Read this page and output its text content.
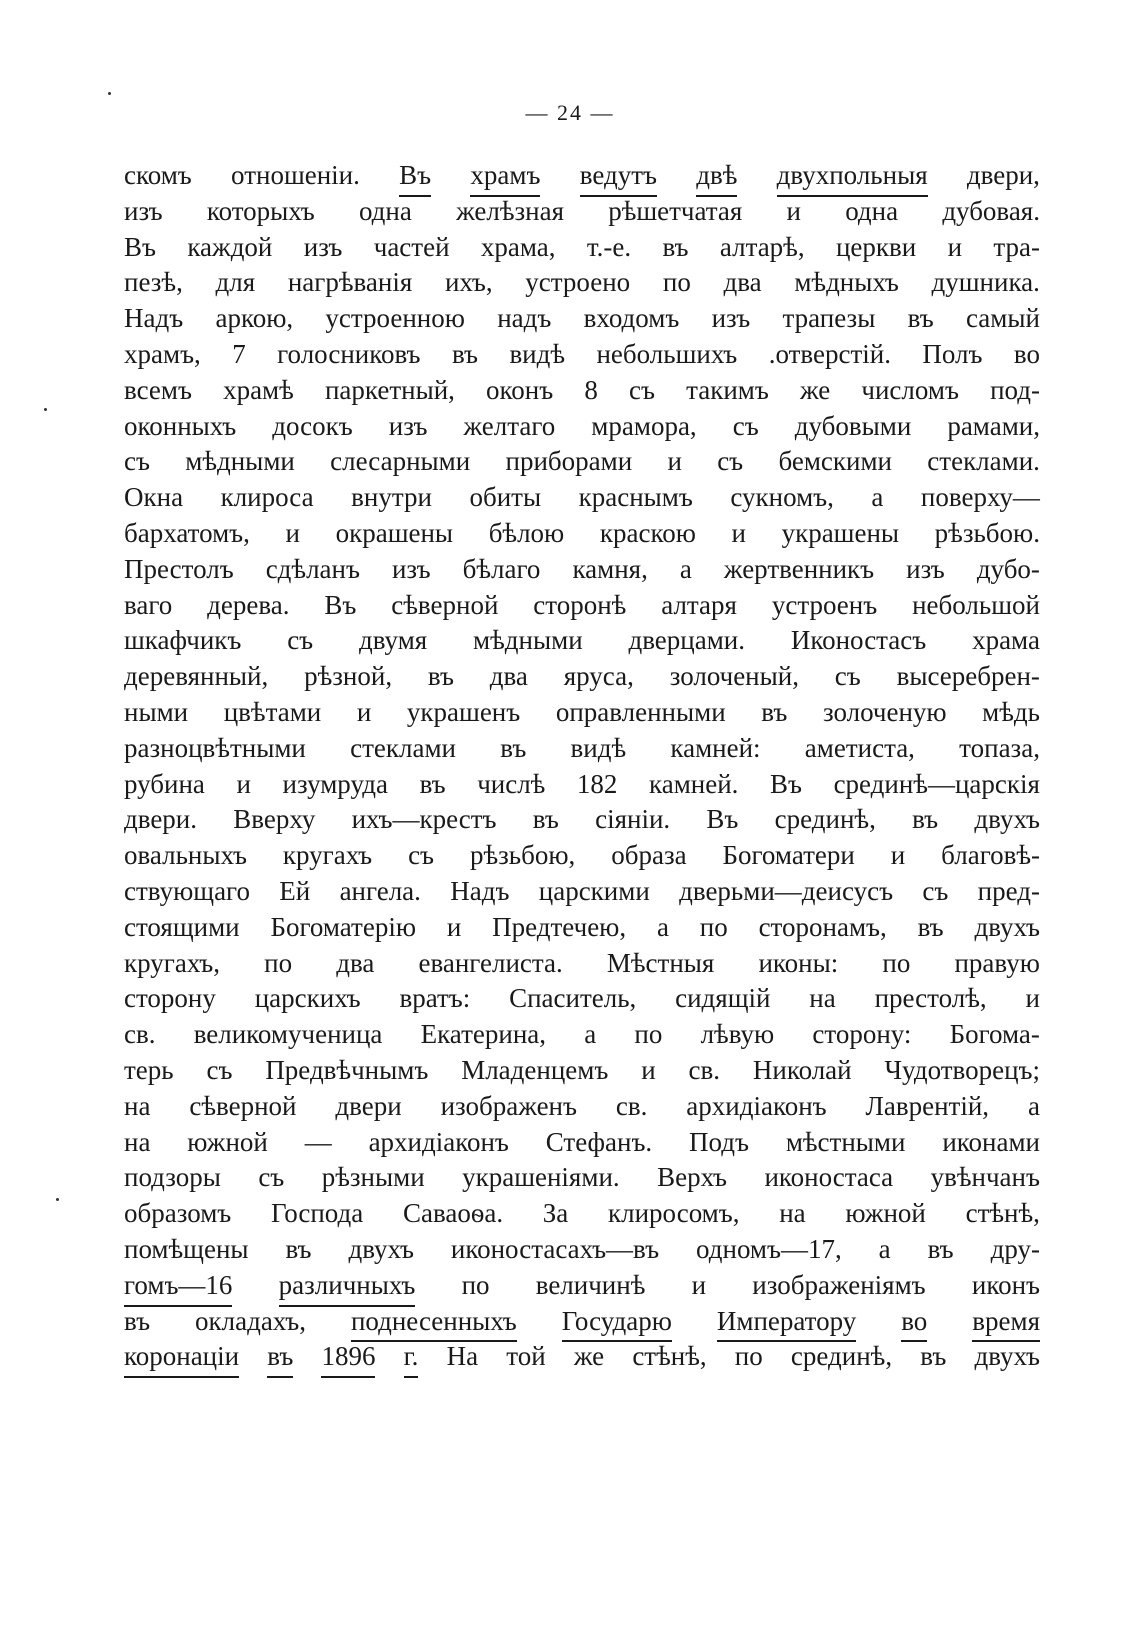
— 24 —
скомъ отношеніи. Въ храмъ ведутъ двѣ двухпольныя двери,
изъ которыхъ одна желѣзная рѣшетчатая и одна дубовая.
Въ каждой изъ частей храма, т.-е. въ алтарѣ, церкви и тра-
пезѣ, для нагрѣванія ихъ, устроено по два мѣдныхъ душника.
Надъ аркою, устроенною надъ входомъ изъ трапезы въ самый
храмъ, 7 голосниковъ въ видѣ небольшихъ .отверстій. Полъ во
всемъ храмѣ паркетный, оконъ 8 съ такимъ же числомъ под-
оконныхъ досокъ изъ желтаго мрамора, съ дубовыми рамами,
съ мѣдными слесарными приборами и съ бемскими стеклами.
Окна клироса внутри обиты краснымъ сукномъ, а поверху—
бархатомъ, и окрашены бѣлою краскою и украшены рѣзьбою.
Престолъ сдѣланъ изъ бѣлаго камня, а жертвенникъ изъ дубо-
ваго дерева. Въ сѣверной сторонѣ алтаря устроенъ небольшой
шкафчикъ съ двумя мѣдными дверцами. Иконостасъ храма
деревянный, рѣзной, въ два яруса, золоченый, съ высеребрен-
ными цвѣтами и украшенъ оправленными въ золоченую мѣдь
разноцвѣтными стеклами въ видѣ камней: аметиста, топаза,
рубина и изумруда въ числѣ 182 камней. Въ срединѣ—царскія
двери. Вверху ихъ—крестъ въ сіяніи. Въ срединѣ, въ двухъ
овальныхъ кругахъ съ рѣзьбою, образа Богоматери и благовѣ-
ствующаго Ей ангела. Надъ царскими дверьми—деисусъ съ пред-
стоящими Богоматерію и Предтечею, а по сторонамъ, въ двухъ
кругахъ, по два евангелиста. Мѣстныя иконы: по правую
сторону царскихъ вратъ: Спаситель, сидящій на престолѣ, и
св. великомученица Екатерина, а по лѣвую сторону: Богома-
терь съ Предвѣчнымъ Младенцемъ и св. Николай Чудотворецъ;
на сѣверной двери изображенъ св. архидіаконъ Лаврентій, а
на южной — архидіаконъ Стефанъ. Подъ мѣстными иконами
подзоры съ рѣзными украшеніями. Верхъ иконостаса увѣнчанъ
образомъ Господа Саваоѳа. За клиросомъ, на южной стѣнѣ,
помѣщены въ двухъ иконостасахъ—въ одномъ—17, а въ дру-
гомъ—16 различныхъ по величинѣ и изображеніямъ иконъ
въ окладахъ, поднесенныхъ Государю Императору во время
коронаціи въ 1896 г. На той же стѣнѣ, по срединѣ, въ двухъ
